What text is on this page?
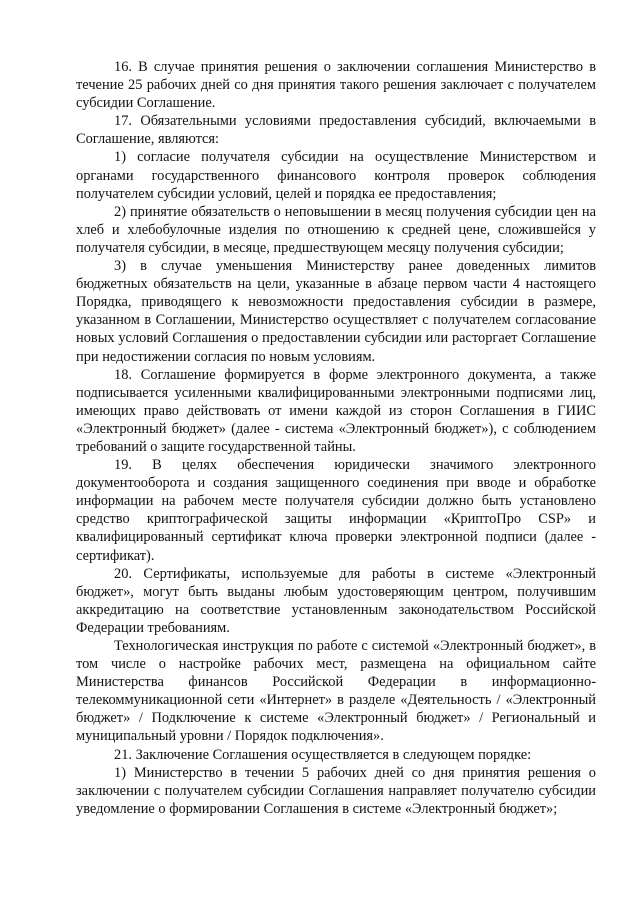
16. В случае принятия решения о заключении соглашения Министерство в течение 25 рабочих дней со дня принятия такого решения заключает с получателем субсидии Соглашение.

17. Обязательными условиями предоставления субсидий, включаемыми в Соглашение, являются:

1) согласие получателя субсидии на осуществление Министерством и органами государственного финансового контроля проверок соблюдения получателем субсидии условий, целей и порядка ее предоставления;

2) принятие обязательств о неповышении в месяц получения субсидии цен на хлеб и хлебобулочные изделия по отношению к средней цене, сложившейся у получателя субсидии, в месяце, предшествующем месяцу получения субсидии;

3) в случае уменьшения Министерству ранее доведенных лимитов бюджетных обязательств на цели, указанные в абзаце первом части 4 настоящего Порядка, приводящего к невозможности предоставления субсидии в размере, указанном в Соглашении, Министерство осуществляет с получателем согласование новых условий Соглашения о предоставлении субсидии или расторгает Соглашение при недостижении согласия по новым условиям.

18. Соглашение формируется в форме электронного документа, а также подписывается усиленными квалифицированными электронными подписями лиц, имеющих право действовать от имени каждой из сторон Соглашения в ГИИС «Электронный бюджет» (далее - система «Электронный бюджет»), с соблюдением требований о защите государственной тайны.

19. В целях обеспечения юридически значимого электронного документооборота и создания защищенного соединения при вводе и обработке информации на рабочем месте получателя субсидии должно быть установлено средство криптографической защиты информации «КриптоПро CSP» и квалифицированный сертификат ключа проверки электронной подписи (далее - сертификат).

20. Сертификаты, используемые для работы в системе «Электронный бюджет», могут быть выданы любым удостоверяющим центром, получившим аккредитацию на соответствие установленным законодательством Российской Федерации требованиям.

Технологическая инструкция по работе с системой «Электронный бюджет», в том числе о настройке рабочих мест, размещена на официальном сайте Министерства финансов Российской Федерации в информационно-телекоммуникационной сети «Интернет» в разделе «Деятельность / «Электронный бюджет» / Подключение к системе «Электронный бюджет» / Региональный и муниципальный уровни / Порядок подключения».

21. Заключение Соглашения осуществляется в следующем порядке:

1) Министерство в течении 5 рабочих дней со дня принятия решения о заключении с получателем субсидии Соглашения направляет получателю субсидии уведомление о формировании Соглашения в системе «Электронный бюджет»;
